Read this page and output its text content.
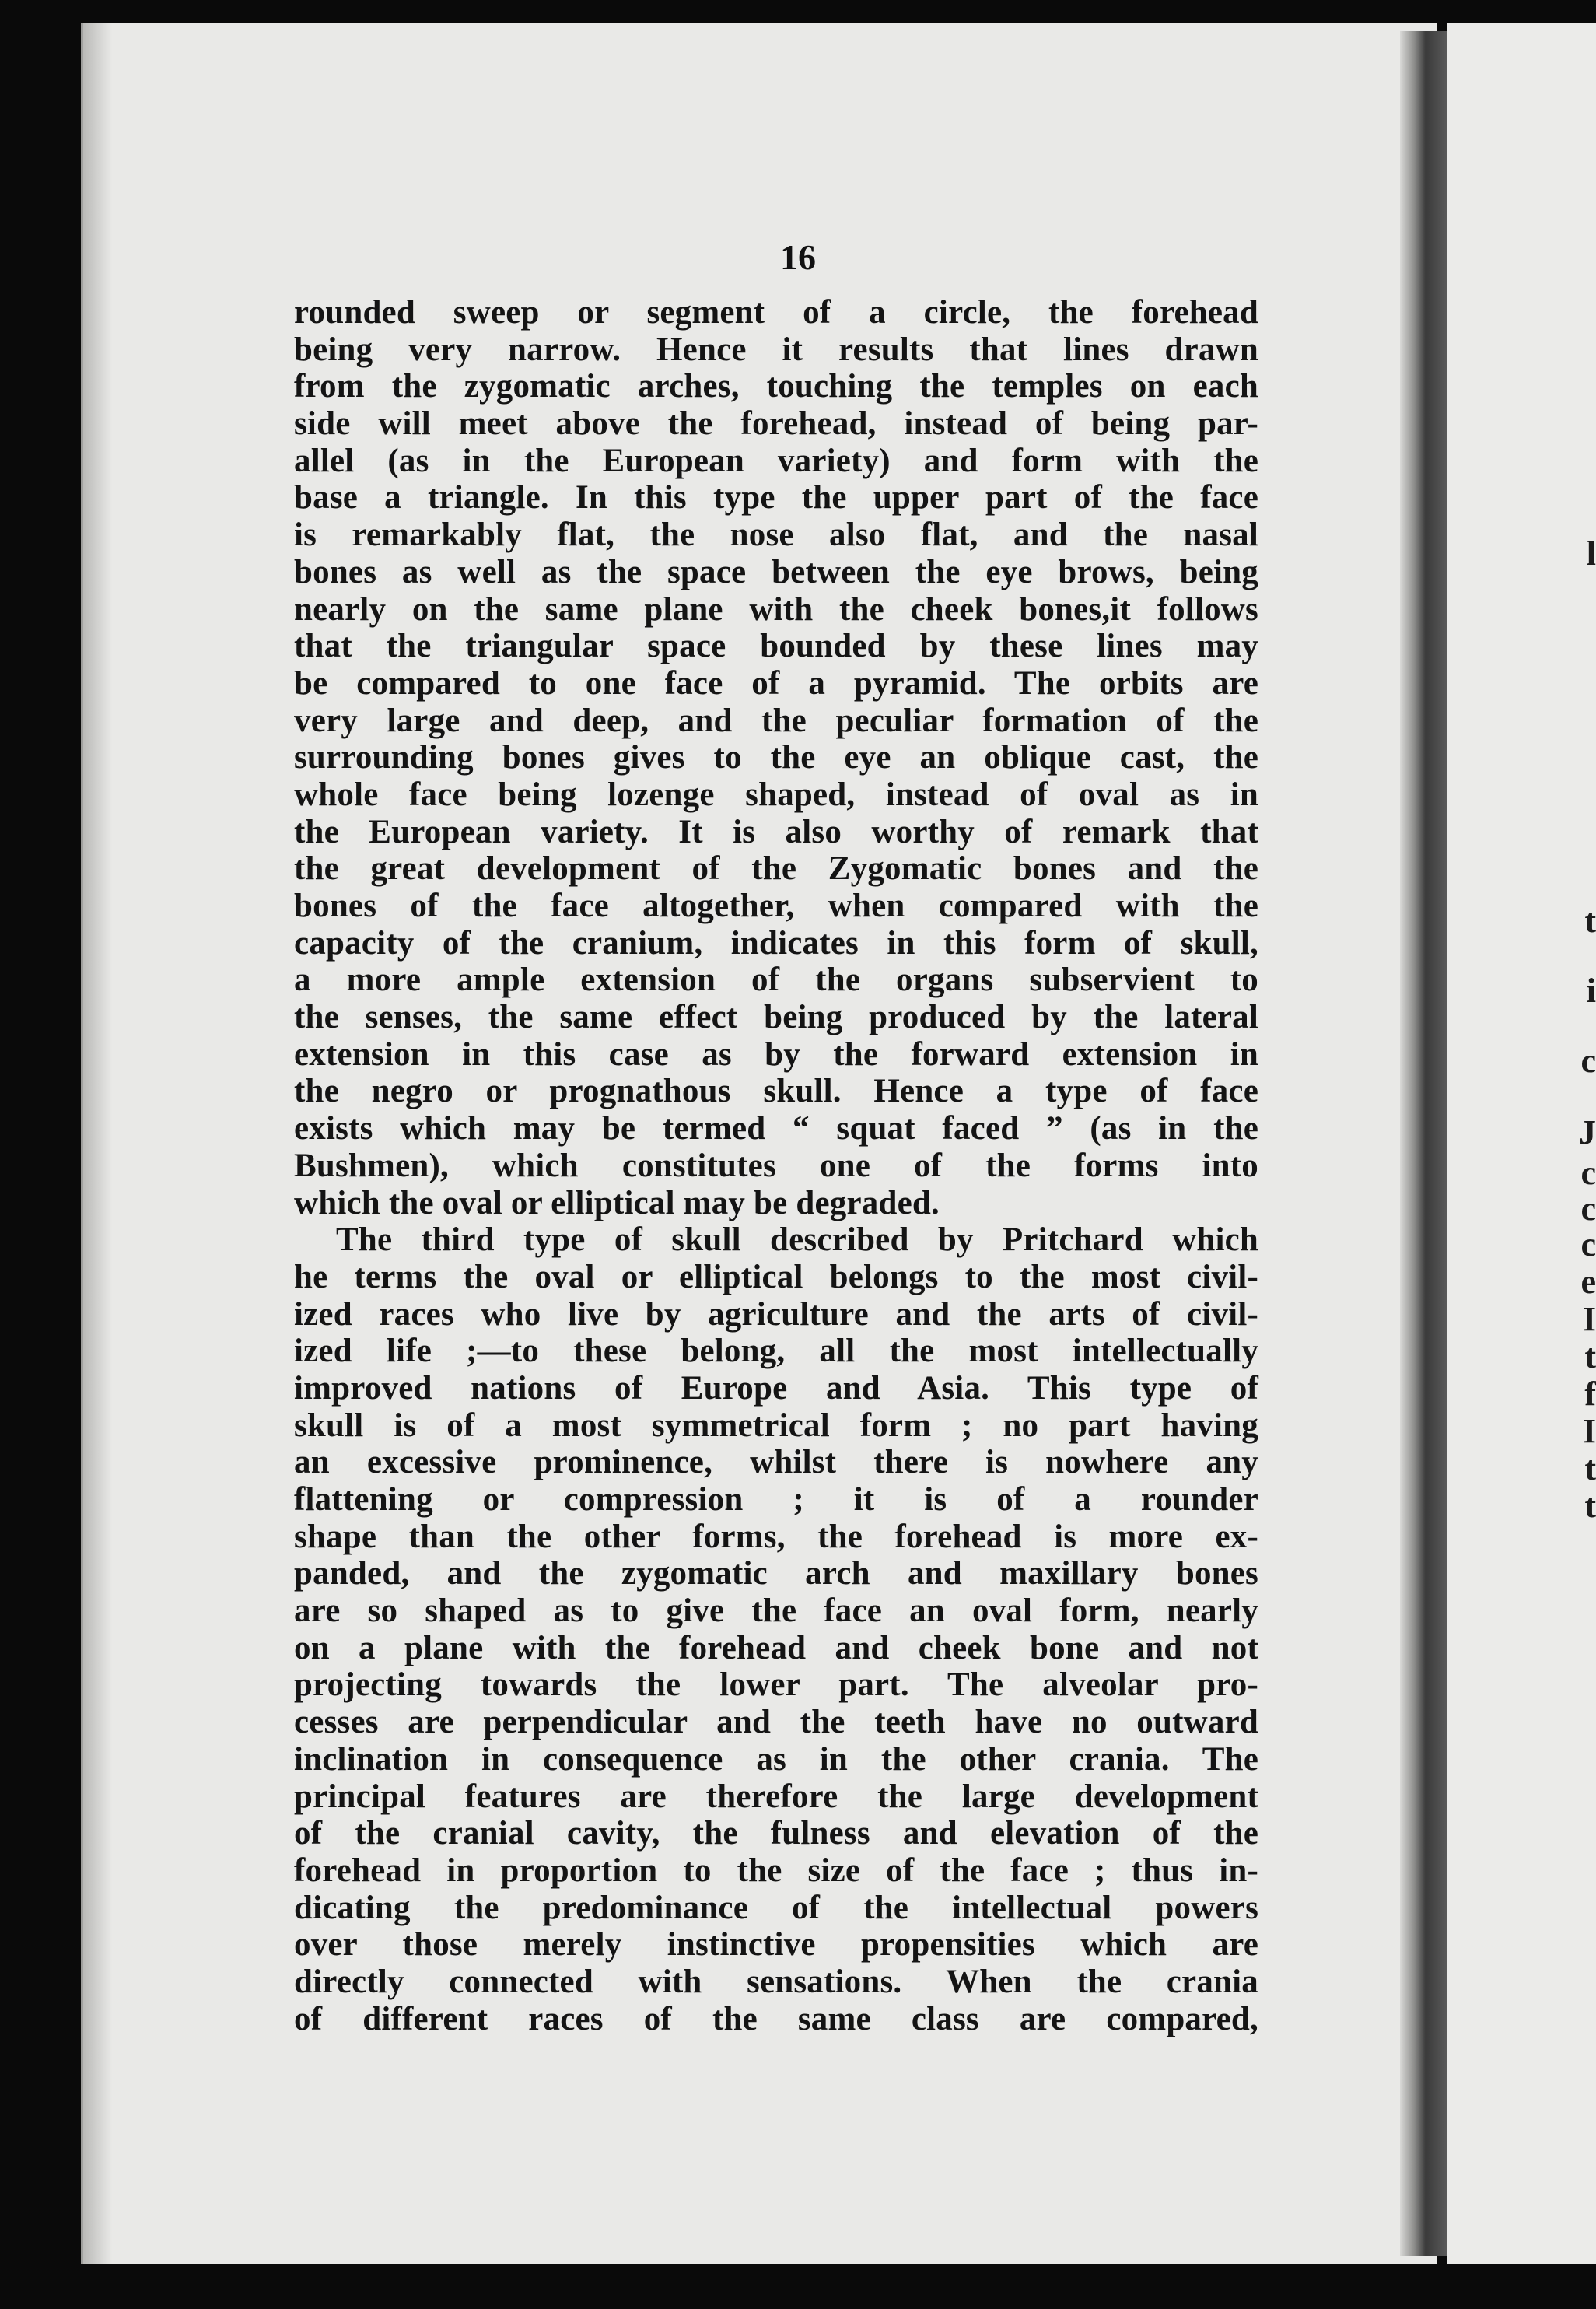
l
t
i
c
J
c
c
c
e
I
t
f
I
t
t
16
rounded sweep or segment of a circle, the forehead
being very narrow. Hence it results that lines drawn
from the zygomatic arches, touching the temples on each
side will meet above the forehead, instead of being par-
allel (as in the European variety) and form with the
base a triangle. In this type the upper part of the face
is remarkably flat, the nose also flat, and the nasal
bones as well as the space between the eye brows, being
nearly on the same plane with the cheek bones,it follows
that the triangular space bounded by these lines may
be compared to one face of a pyramid. The orbits are
very large and deep, and the peculiar formation of the
surrounding bones gives to the eye an oblique cast, the
whole face being lozenge shaped, instead of oval as in
the European variety. It is also worthy of remark that
the great development of the Zygomatic bones and the
bones of the face altogether, when compared with the
capacity of the cranium, indicates in this form of skull,
a more ample extension of the organs subservient to
the senses, the same effect being produced by the lateral
extension in this case as by the forward extension in
the negro or prognathous skull. Hence a type of face
exists which may be termed “ squat faced ” (as in the
Bushmen), which constitutes one of the forms into
which the oval or elliptical may be degraded.
The third type of skull described by Pritchard which
he terms the oval or elliptical belongs to the most civil-
ized races who live by agriculture and the arts of civil-
ized life ;—to these belong, all the most intellectually
improved nations of Europe and Asia. This type of
skull is of a most symmetrical form ; no part having
an excessive prominence, whilst there is nowhere any
flattening or compression ; it is of a rounder
shape than the other forms, the forehead is more ex-
panded, and the zygomatic arch and maxillary bones
are so shaped as to give the face an oval form, nearly
on a plane with the forehead and cheek bone and not
projecting towards the lower part. The alveolar pro-
cesses are perpendicular and the teeth have no outward
inclination in consequence as in the other crania. The
principal features are therefore the large development
of the cranial cavity, the fulness and elevation of the
forehead in proportion to the size of the face ; thus in-
dicating the predominance of the intellectual powers
over those merely instinctive propensities which are
directly connected with sensations. When the crania
of different races of the same class are compared,
